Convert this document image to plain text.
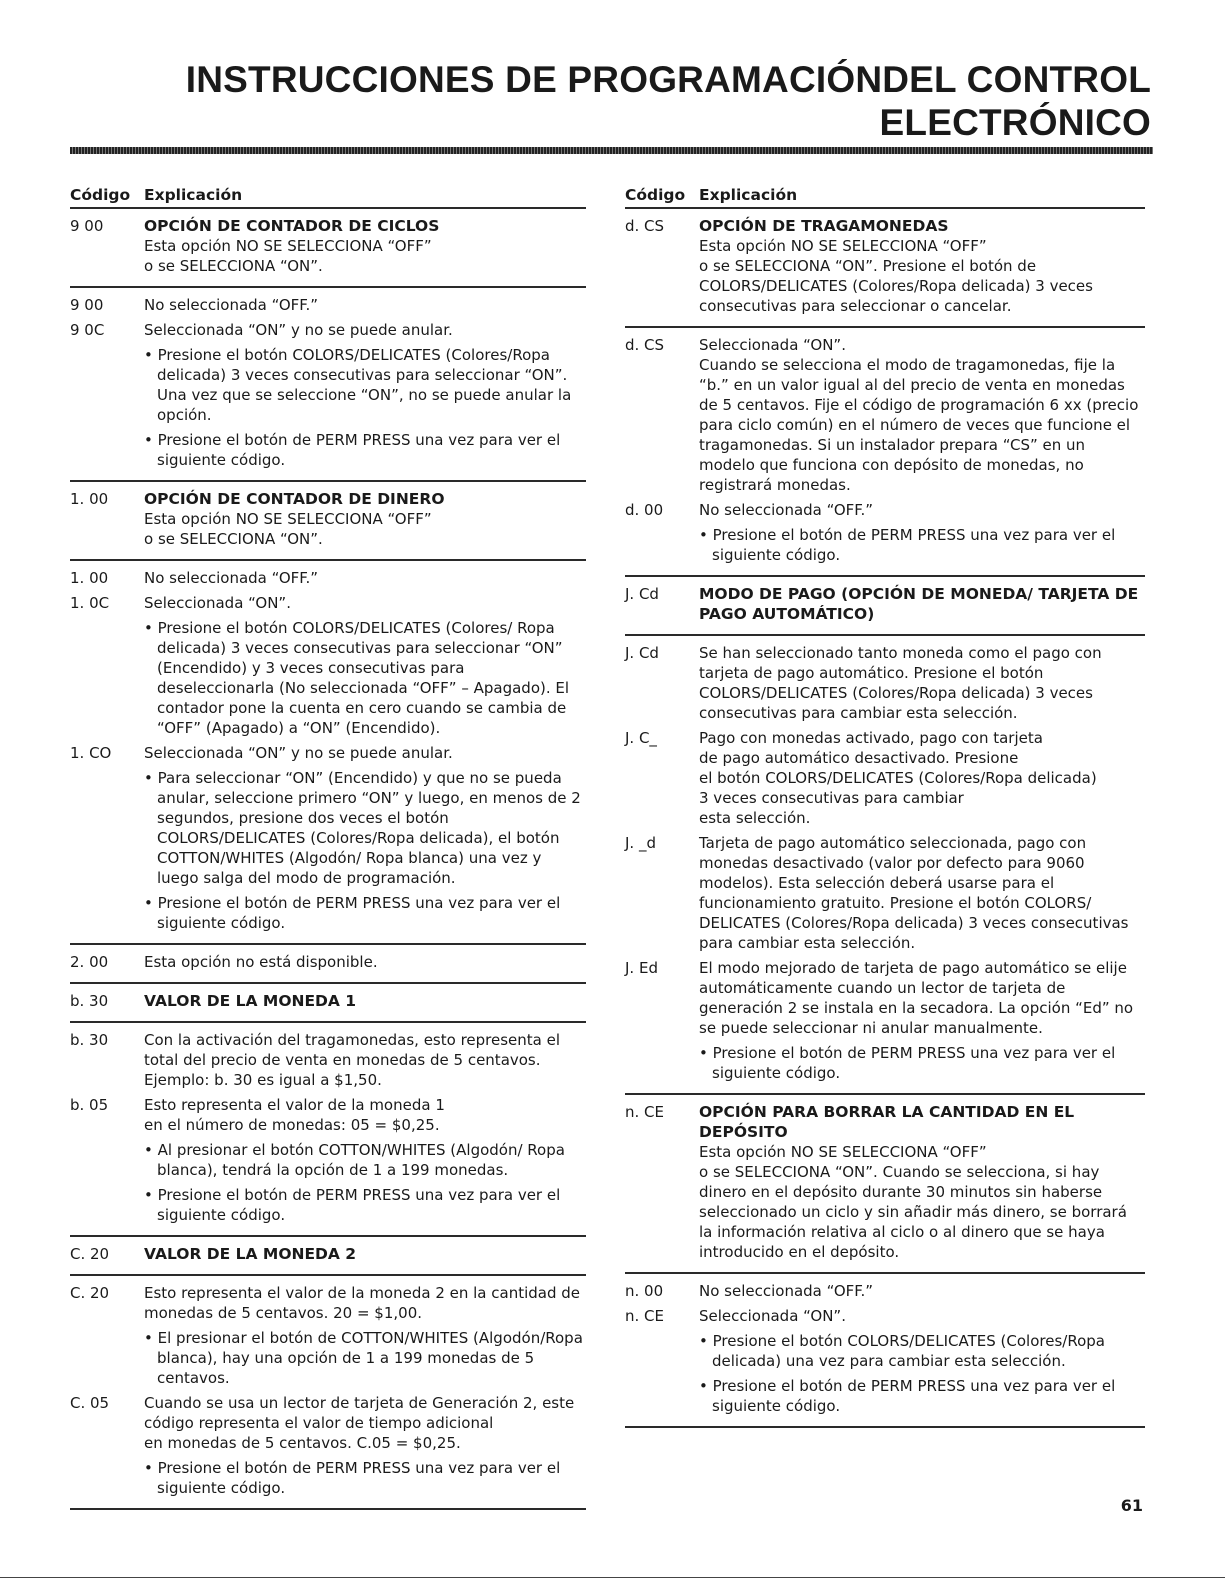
INSTRUCCIONES DE PROGRAMACIÓNDEL CONTROL
ELECTRÓNICO
Código Explicación
9 00	OPCIÓN DE CONTADOR DE CICLOS
Esta opción NO SE SELECCIONA “OFF”
o se SELECCIONA “ON”.
9 00	No seleccionada “OFF.”
9 0C	Seleccionada “ON” y no se puede anular.
• Presione el botón COLORS/DELICATES (Colores/Ropa delicada) 3 veces consecutivas para seleccionar “ON”. Una vez que se seleccione “ON”, no se puede anular la opción.
• Presione el botón de PERM PRESS una vez para ver el siguiente código.
1. 00	OPCIÓN DE CONTADOR DE DINERO
Esta opción NO SE SELECCIONA “OFF”
o se SELECCIONA “ON”.
1. 00	No seleccionada “OFF.”
1. 0C	Seleccionada “ON”.
• Presione el botón COLORS/DELICATES (Colores/ Ropa delicada) 3 veces consecutivas para seleccionar “ON” (Encendido) y 3 veces consecutivas para deseleccionarla (No seleccionada “OFF” – Apagado). El contador pone la cuenta en cero cuando se cambia de “OFF” (Apagado) a “ON” (Encendido).
1. CO	Seleccionada “ON” y no se puede anular.
• Para seleccionar “ON” (Encendido) y que no se pueda anular, seleccione primero “ON” y luego, en menos de 2 segundos, presione dos veces el botón COLORS/DELICATES (Colores/Ropa delicada), el botón COTTON/WHITES (Algodón/ Ropa blanca) una vez y luego salga del modo de programación.
• Presione el botón de PERM PRESS una vez para ver el siguiente código.
2. 00	Esta opción no está disponible.
b. 30	VALOR DE LA MONEDA 1
b. 30	Con la activación del tragamonedas, esto representa el total del precio de venta en monedas de 5 centavos. Ejemplo: b. 30 es igual a $1,50.
b. 05	Esto representa el valor de la moneda 1
en el número de monedas: 05 = $0,25.
• Al presionar el botón COTTON/WHITES (Algodón/ Ropa blanca), tendrá la opción de 1 a 199 monedas.
• Presione el botón de PERM PRESS una vez para ver el siguiente código.
C. 20	VALOR DE LA MONEDA 2
C. 20	Esto representa el valor de la moneda 2 en la cantidad de monedas de 5 centavos. 20 = $1,00.
• El presionar el botón de COTTON/WHITES (Algodón/Ropa blanca), hay una opción de 1 a 199 monedas de 5 centavos.
C. 05	Cuando se usa un lector de tarjeta de Generación 2, este código representa el valor de tiempo adicional
en monedas de 5 centavos. C.05 = $0,25.
• Presione el botón de PERM PRESS una vez para ver el siguiente código.
Código Explicación
d. CS	OPCIÓN DE TRAGAMONEDAS
Esta opción NO SE SELECCIONA “OFF”
o se SELECCIONA “ON”. Presione el botón de COLORS/DELICATES (Colores/Ropa delicada) 3 veces consecutivas para seleccionar o cancelar.
d. CS	Seleccionada “ON”.
Cuando se selecciona el modo de tragamonedas, fije la “b.” en un valor igual al del precio de venta en monedas de 5 centavos. Fije el código de programación 6 xx (precio para ciclo común) en el número de veces que funcione el tragamonedas. Si un instalador prepara “CS” en un modelo que funciona con depósito de monedas, no registrará monedas.
d. 00	No seleccionada “OFF.”
• Presione el botón de PERM PRESS una vez para ver el siguiente código.
J. Cd	MODO DE PAGO (OPCIÓN DE MONEDA/ TARJETA DE PAGO AUTOMÁTICO)
J. Cd	Se han seleccionado tanto moneda como el pago con tarjeta de pago automático. Presione el botón COLORS/DELICATES (Colores/Ropa delicada) 3 veces consecutivas para cambiar esta selección.
J. C_	Pago con monedas activado, pago con tarjeta
de pago automático desactivado. Presione
el botón COLORS/DELICATES (Colores/Ropa delicada)
3 veces consecutivas para cambiar
esta selección.
J. _d	Tarjeta de pago automático seleccionada, pago con monedas desactivado (valor por defecto para 9060 modelos). Esta selección deberá usarse para el funcionamiento gratuito. Presione el botón COLORS/ DELICATES (Colores/Ropa delicada) 3 veces consecutivas para cambiar esta selección.
J. Ed	El modo mejorado de tarjeta de pago automático se elije automáticamente cuando un lector de tarjeta de generación 2 se instala en la secadora. La opción “Ed” no se puede seleccionar ni anular manualmente.
• Presione el botón de PERM PRESS una vez para ver el siguiente código.
n. CE	OPCIÓN PARA BORRAR LA CANTIDAD EN EL DEPÓSITO
Esta opción NO SE SELECCIONA “OFF”
o se SELECCIONA “ON”. Cuando se selecciona, si hay dinero en el depósito durante 30 minutos sin haberse seleccionado un ciclo y sin añadir más dinero, se borrará la información relativa al ciclo o al dinero que se haya introducido en el depósito.
n. 00	No seleccionada “OFF.”
n. CE	Seleccionada “ON”.
• Presione el botón COLORS/DELICATES (Colores/Ropa delicada) una vez para cambiar esta selección.
• Presione el botón de PERM PRESS una vez para ver el siguiente código.
61
